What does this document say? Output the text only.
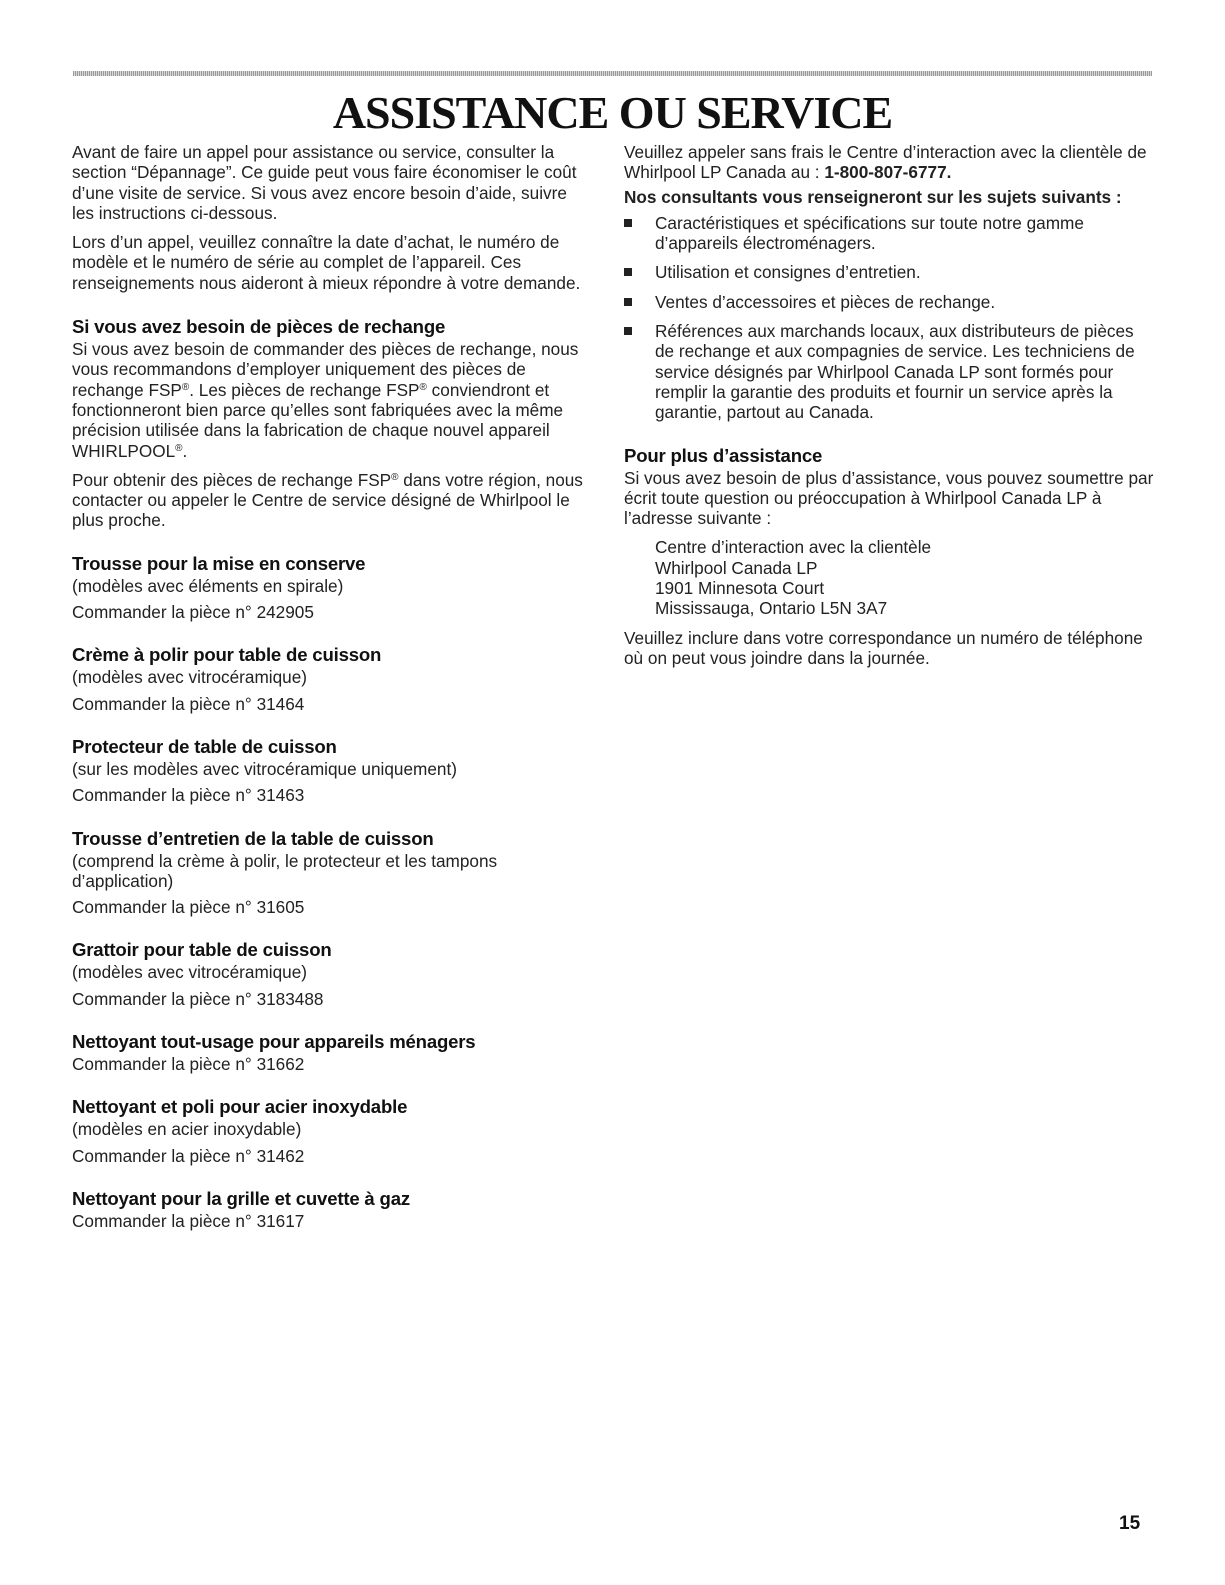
ASSISTANCE OU SERVICE

Avant de faire un appel pour assistance ou service, consulter la section “Dépannage”. Ce guide peut vous faire économiser le coût d’une visite de service. Si vous avez encore besoin d’aide, suivre les instructions ci-dessous.

Lors d’un appel, veuillez connaître la date d’achat, le numéro de modèle et le numéro de série au complet de l’appareil. Ces renseignements nous aideront à mieux répondre à votre demande.

Si vous avez besoin de pièces de rechange

Si vous avez besoin de commander des pièces de rechange, nous vous recommandons d’employer uniquement des pièces de rechange FSP®. Les pièces de rechange FSP® conviendront et fonctionneront bien parce qu’elles sont fabriquées avec la même précision utilisée dans la fabrication de chaque nouvel appareil WHIRLPOOL®.

Pour obtenir des pièces de rechange FSP® dans votre région, nous contacter ou appeler le Centre de service désigné de Whirlpool le plus proche.

Trousse pour la mise en conserve

(modèles avec éléments en spirale)

Commander la pièce n° 242905

Crème à polir pour table de cuisson

(modèles avec vitrocéramique)

Commander la pièce n° 31464

Protecteur de table de cuisson

(sur les modèles avec vitrocéramique uniquement)

Commander la pièce n° 31463

Trousse d’entretien de la table de cuisson

(comprend la crème à polir, le protecteur et les tampons d’application)

Commander la pièce n° 31605

Grattoir pour table de cuisson

(modèles avec vitrocéramique)

Commander la pièce n° 3183488

Nettoyant tout-usage pour appareils ménagers

Commander la pièce n° 31662

Nettoyant et poli pour acier inoxydable

(modèles en acier inoxydable)

Commander la pièce n° 31462

Nettoyant pour la grille et cuvette à gaz

Commander la pièce n° 31617

Veuillez appeler sans frais le Centre d’interaction avec la clientèle de Whirlpool LP Canada au : 1-800-807-6777.

Nos consultants vous renseigneront sur les sujets suivants :

Caractéristiques et spécifications sur toute notre gamme d’appareils électroménagers.
Utilisation et consignes d’entretien.
Ventes d’accessoires et pièces de rechange.
Références aux marchands locaux, aux distributeurs de pièces de rechange et aux compagnies de service. Les techniciens de service désignés par Whirlpool Canada LP sont formés pour remplir la garantie des produits et fournir un service après la garantie, partout au Canada.
Pour plus d’assistance

Si vous avez besoin de plus d’assistance, vous pouvez soumettre par écrit toute question ou préoccupation à Whirlpool Canada LP à l’adresse suivante :

Centre d’interaction avec la clientèle
Whirlpool Canada LP
1901 Minnesota Court
Mississauga, Ontario L5N 3A7

Veuillez inclure dans votre correspondance un numéro de téléphone où on peut vous joindre dans la journée.

15
